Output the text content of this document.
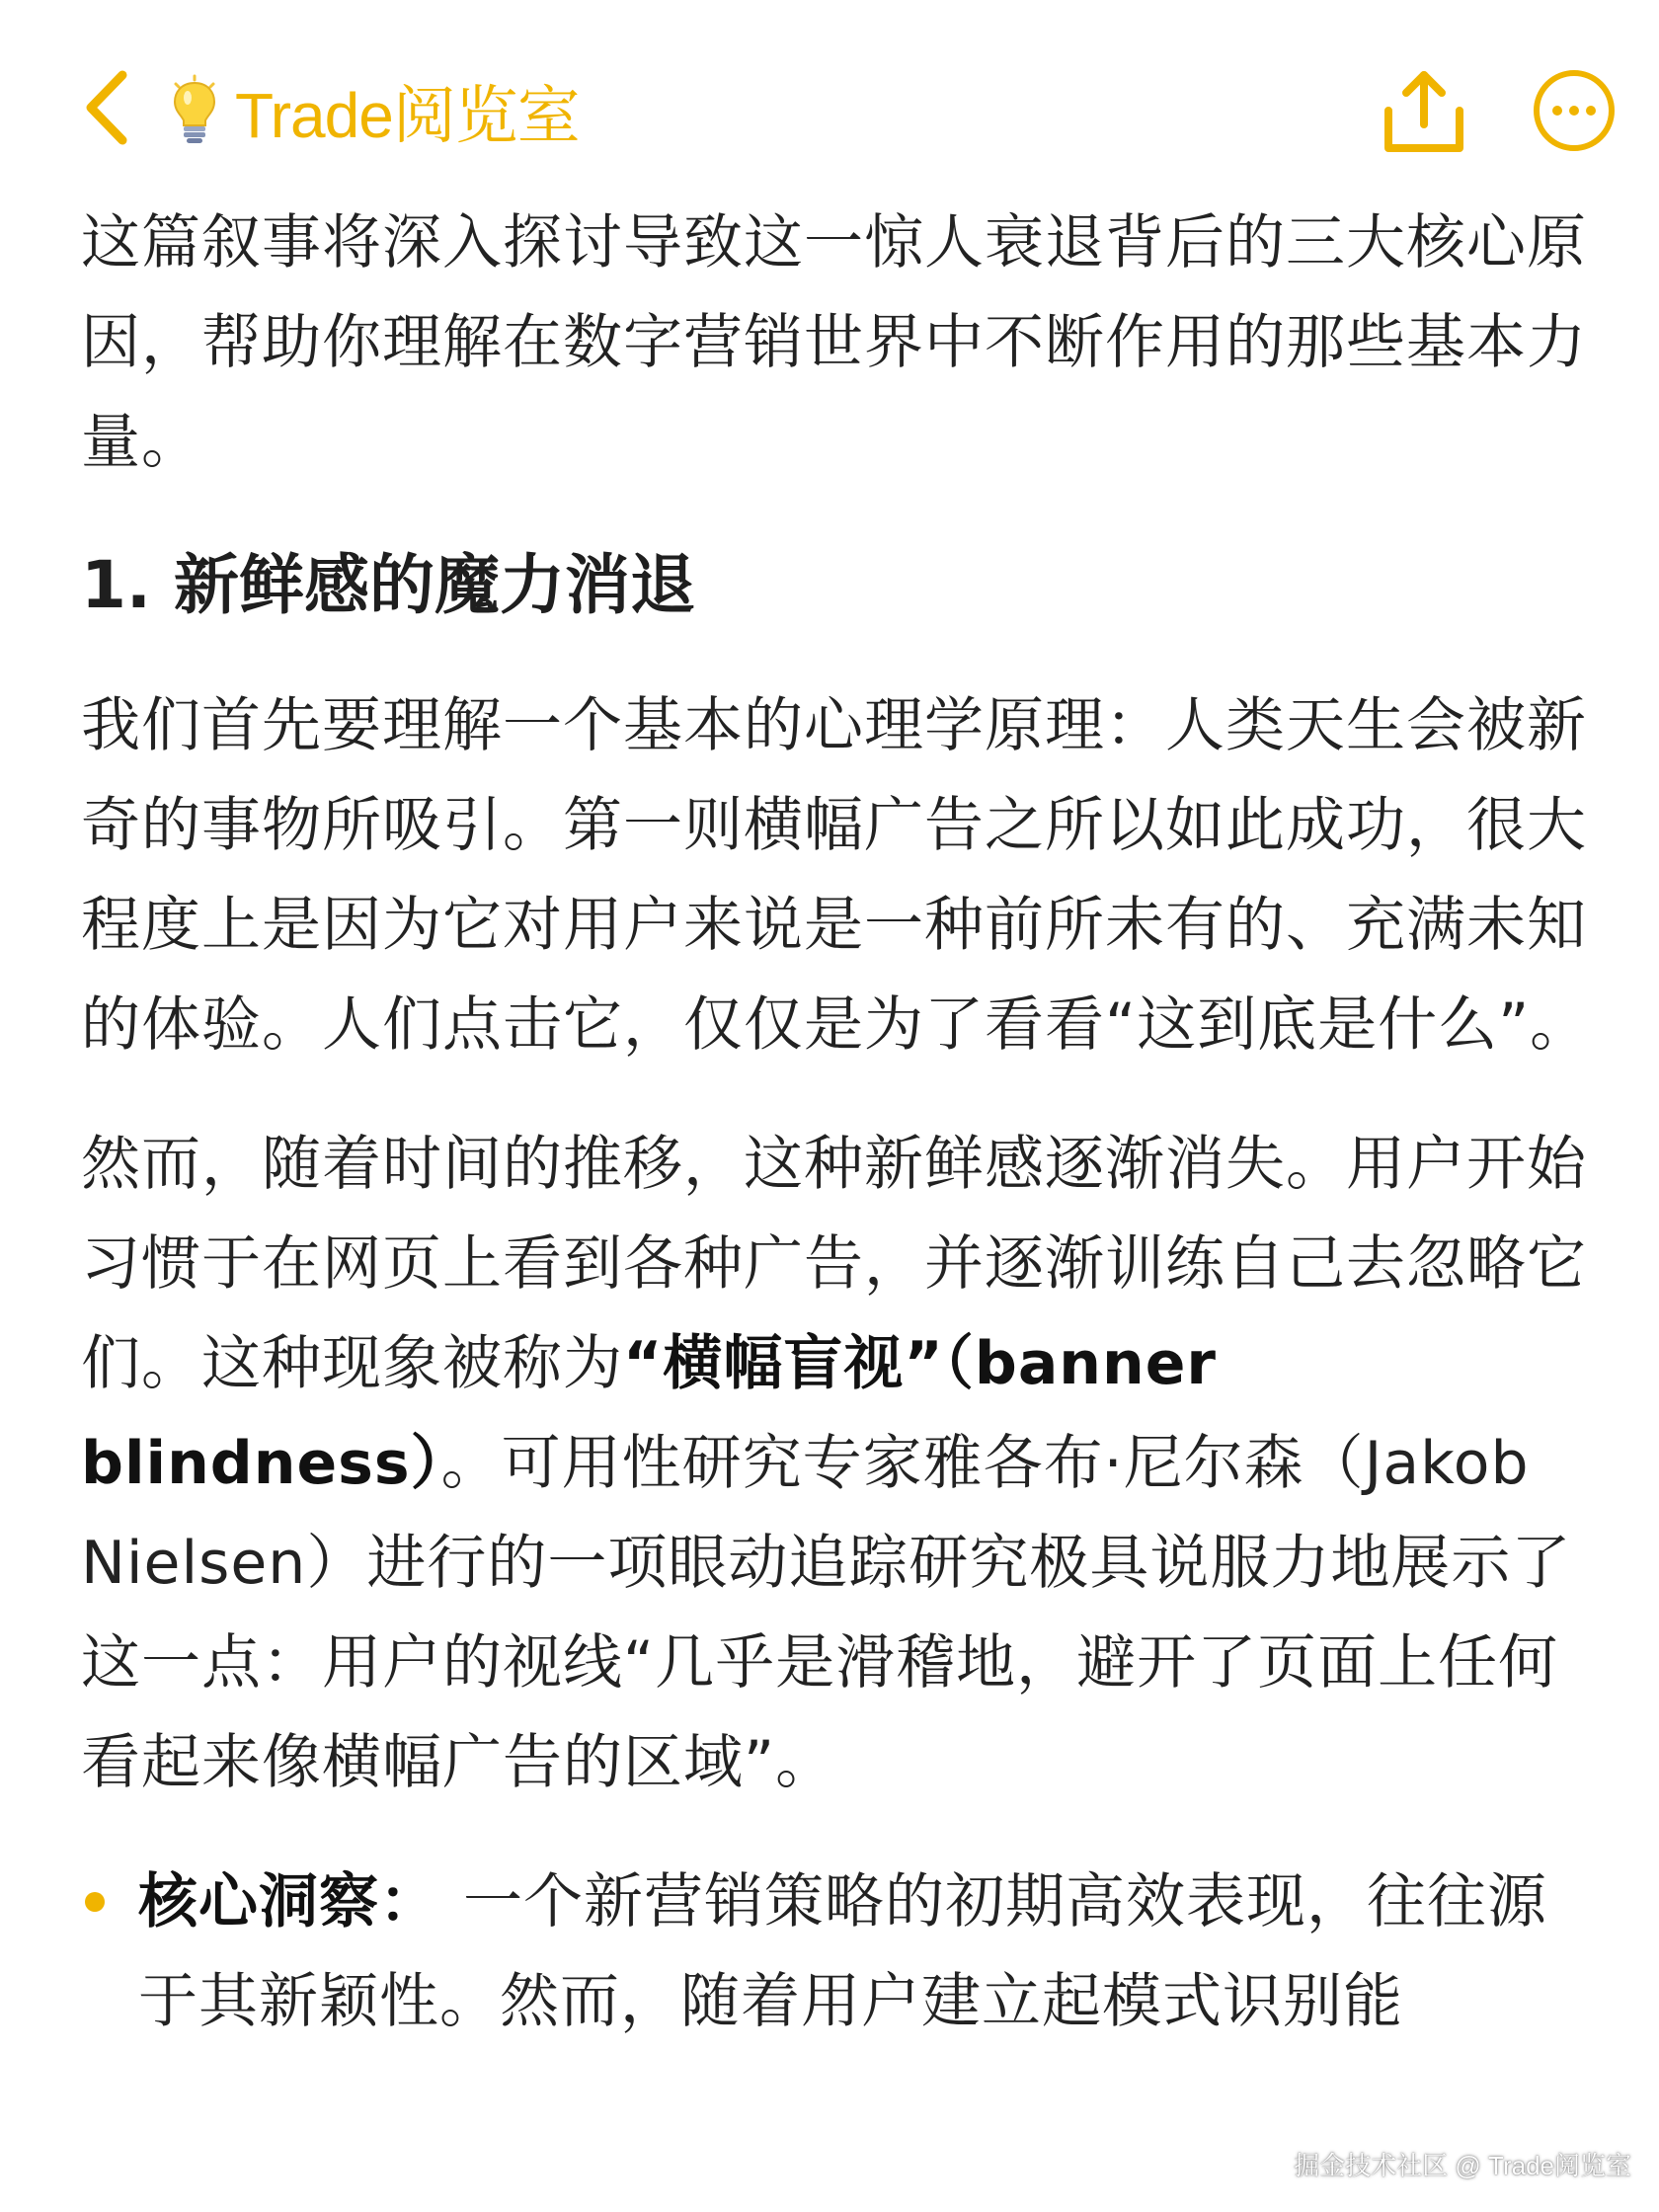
Trade阅览室

这篇叙事将深入探讨导致这一惊人衰退背后的三大核心原因，帮助你理解在数字营销世界中不断作用的那些基本力量。

1. 新鲜感的魔力消退

我们首先要理解一个基本的心理学原理：人类天生会被新奇的事物所吸引。第一则横幅广告之所以如此成功，很大程度上是因为它对用户来说是一种前所未有的、充满未知的体验。人们点击它，仅仅是为了看看“这到底是什么”。

然而，随着时间的推移，这种新鲜感逐渐消失。用户开始习惯于在网页上看到各种广告，并逐渐训练自己去忽略它们。这种现象被称为“横幅盲视”（banner blindness）。可用性研究专家雅各布·尼尔森（Jakob Nielsen）进行的一项眼动追踪研究极具说服力地展示了这一点：用户的视线“几乎是滑稽地，避开了页面上任何看起来像横幅广告的区域”。

核心洞察： 一个新营销策略的初期高效表现，往往源于其新颖性。然而，随着用户建立起模式识别能
掘金技术社区 @ Trade阅览室
